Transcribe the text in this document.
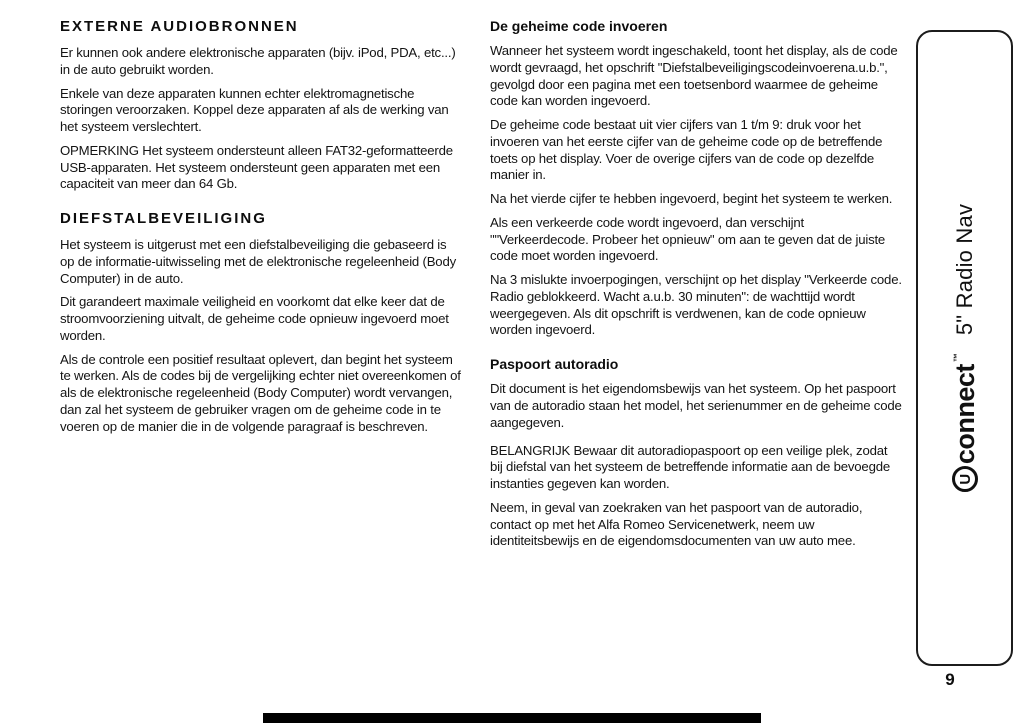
EXTERNE AUDIOBRONNEN

Er kunnen ook andere elektronische apparaten (bijv. iPod, PDA, etc...) in de auto gebruikt worden.

Enkele van deze apparaten kunnen echter elektromagnetische storingen veroorzaken. Koppel deze apparaten af als de werking van het systeem verslechtert.

OPMERKING Het systeem ondersteunt alleen FAT32-geformatteerde USB-apparaten. Het systeem ondersteunt geen apparaten met een capaciteit van meer dan 64 Gb.

DIEFSTALBEVEILIGING

Het systeem is uitgerust met een diefstalbeveiliging die gebaseerd is op de informatie-uitwisseling met de elektronische regeleenheid (Body Computer) in de auto.

Dit garandeert maximale veiligheid en voorkomt dat elke keer dat de stroomvoorziening uitvalt, de geheime code opnieuw ingevoerd moet worden.

Als de controle een positief resultaat oplevert, dan begint het systeem te werken. Als de codes bij de vergelijking echter niet overeenkomen of als de elektronische regeleenheid (Body Computer) wordt vervangen, dan zal het systeem de gebruiker vragen om de geheime code in te voeren op de manier die in de volgende paragraaf is beschreven.

De geheime code invoeren

Wanneer het systeem wordt ingeschakeld, toont het display, als de code wordt gevraagd, het opschrift "Diefstalbeveiligingscodeinvoerena.u.b.", gevolgd door een pagina met een toetsenbord waarmee de geheime code kan worden ingevoerd.

De geheime code bestaat uit vier cijfers van 1 t/m 9: druk voor het invoeren van het eerste cijfer van de geheime code op de betreffende toets op het display. Voer de overige cijfers van de code op dezelfde manier in.

Na het vierde cijfer te hebben ingevoerd, begint het systeem te werken.

Als een verkeerde code wordt ingevoerd, dan verschijnt ""Verkeerdecode. Probeer het opnieuw" om aan te geven dat de juiste code moet worden ingevoerd.

Na 3 mislukte invoerpogingen, verschijnt op het display "Verkeerde code. Radio geblokkeerd. Wacht a.u.b. 30 minuten": de wachttijd wordt weergegeven. Als dit opschrift is verdwenen, kan de code opnieuw worden ingevoerd.

Paspoort autoradio

Dit document is het eigendomsbewijs van het systeem. Op het paspoort van de autoradio staan het model, het serienummer en de geheime code aangegeven.

BELANGRIJK Bewaar dit autoradiopaspoort op een veilige plek, zodat bij diefstal van het systeem de betreffende informatie aan de bevoegde instanties gegeven kan worden.

Neem, in geval van zoekraken van het paspoort van de autoradio, contact op met het Alfa Romeo Servicenetwerk, neem uw identiteitsbewijs en de eigendomsdocumenten van uw auto mee.

U
connect
™
5" Radio Nav
9
